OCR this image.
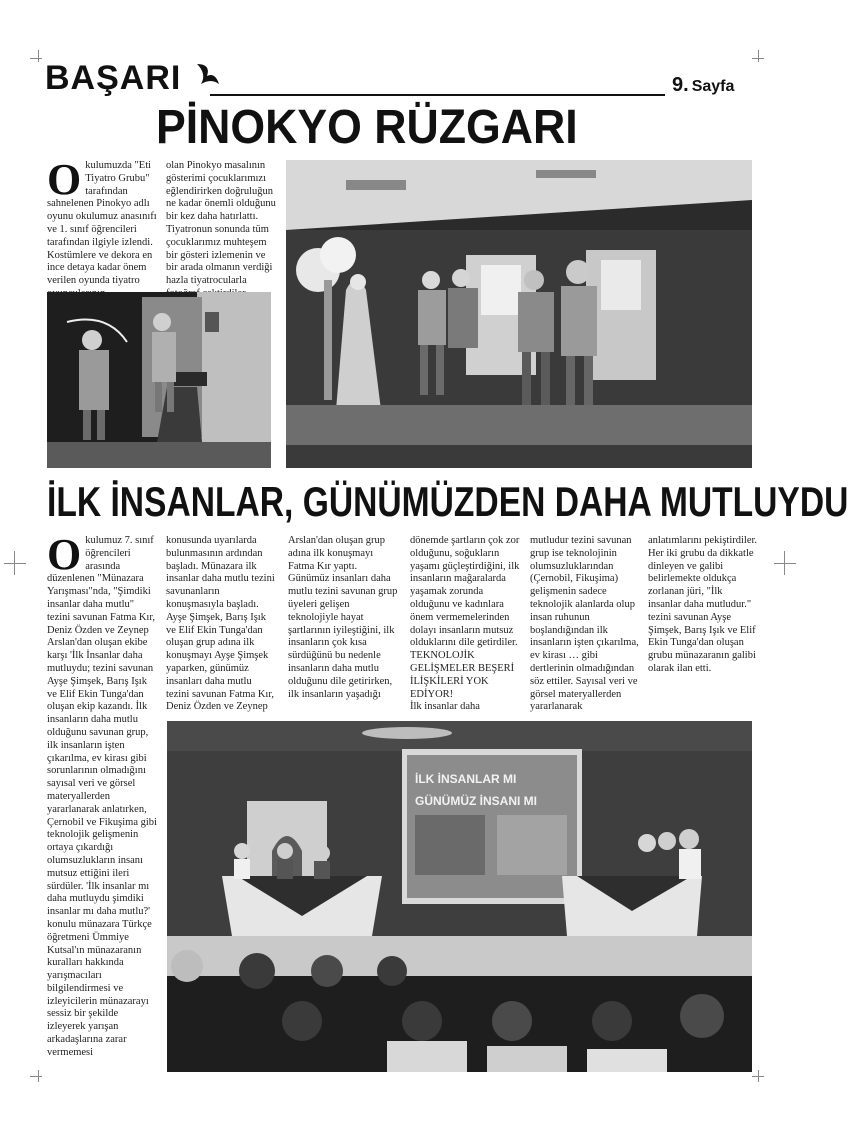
BAŞARI	9. Sayfa
PİNOKYO RÜZGARI
O kulumuzda "Eti Tiyatro Grubu" tarafından sahnelenen Pinokyo adlı oyunu okulumuz anasınıfı ve 1. sınıf öğrencileri tarafından ilgiyle izlendi. Kostümlere ve dekora en ince detaya kadar önem verilen oyunda tiyatro

olan Pinokyo masalının gösterimi çocuklarımızı eğlendirirken doğruluğun ne kadar önemli olduğunu bir kez daha hatırlattı. Tiyatronun sonunda tüm çocuklarımız muhteşem bir gösteri izlemenin ve bir arada olmanın verdiği hazla tiyatrocularla

İLK İNSANLAR, GÜNÜMÜZDEN DAHA MUTLUYDU
O kulumuz 7. sınıf öğrencileri arasında düzenlenen "Münazara Yarışması"nda, "Şimdiki insanlar daha mutlu" tezini savunan Fatma Kır, Deniz Özden ve Zeynep Arslan'dan oluşan ekibe karşı 'İlk İnsanlar daha mutluydu; tezini savunan Ayşe Şimşek, Barış Işık ve Elif Ekin Tunga'dan oluşan ekip kazandı. İlk insanların daha mutlu olduğunu savunan grup, ilk insanların işten çıkarılma, ev kirası gibi sorunlarının olmadığını sayısal veri ve görsel materyallerden yararlanarak anlatırken, Çernobil ve Fikuşima gibi teknolojik gelişmenin ortaya çıkardığı olumsuzlukların insanı mutsuz ettiğini ileri sürdüler. 'İlk insanlar mı daha mutluydu şimdiki insanlar mı daha mutlu?' konulu münazara Türkçe öğretmeni Ümmiye Kutsal'ın münazaranın kuralları hakkında yarışmacıları bilgilendirmesi ve izleyicilerin münazarayı sessiz bir şekilde izleyerek yarışan arkadaşlarına zarar vermemesi

konusunda uyarılarda bulunmasının ardından başladı. Münazara ilk insanlar daha mutlu tezini savunanların konuşmasıyla başladı. Ayşe Şimşek, Barış Işık ve Elif Ekin Tunga'dan oluşan grup adına ilk konuşmayı Ayşe Şimşek yaparken, günümüz insanları daha mutlu tezini savunan Fatma Kır, Deniz Özden ve Zeynep

Arslan'dan oluşan grup adına ilk konuşmayı Fatma Kır yaptı. Günümüz insanları daha mutlu tezini savunan grup üyeleri gelişen teknolojiyle hayat şartlarının iyileştiğini, ilk insanların çok kısa sürdüğünü bu nedenle insanların daha mutlu olduğunu dile getirirken, ilk insanların yaşadığı

dönemde şartların çok zor olduğunu, soğukların yaşamı güçleştirdiğini, ilk insanların mağaralarda yaşamak zorunda olduğunu ve kadınlara önem vermemelerinden dolayı insanların mutsuz olduklarını dile getirdiler.

TEKNOLOJİK GELİŞMELER BEŞERİ İLİŞKİLERİ YOK EDİYOR!

İlk insanlar daha

mutludur tezini savunan grup ise teknolojinin olumsuzluklarından (Çernobil, Fikuşima) gelişmenin sadece teknolojik alanlarda olup insan ruhunun boşlandığından ilk insanların işten çıkarılma, ev kirası … gibi dertlerinin olmadığından söz ettiler. Sayısal veri ve görsel materyallerden yararlanarak

anlatımlarını pekiştirdiler. Her iki grubu da dikkatle dinleyen ve galibi belirlemekte oldukça zorlanan jüri, "İlk insanlar daha mutludur." tezini savunan Ayşe Şimşek, Barış Işık ve Elif Ekin Tunga'dan oluşan grubu münazaranın galibi olarak ilan etti.

İLK İNSANLAR MI
GÜNÜMÜZ İNSANI MI
